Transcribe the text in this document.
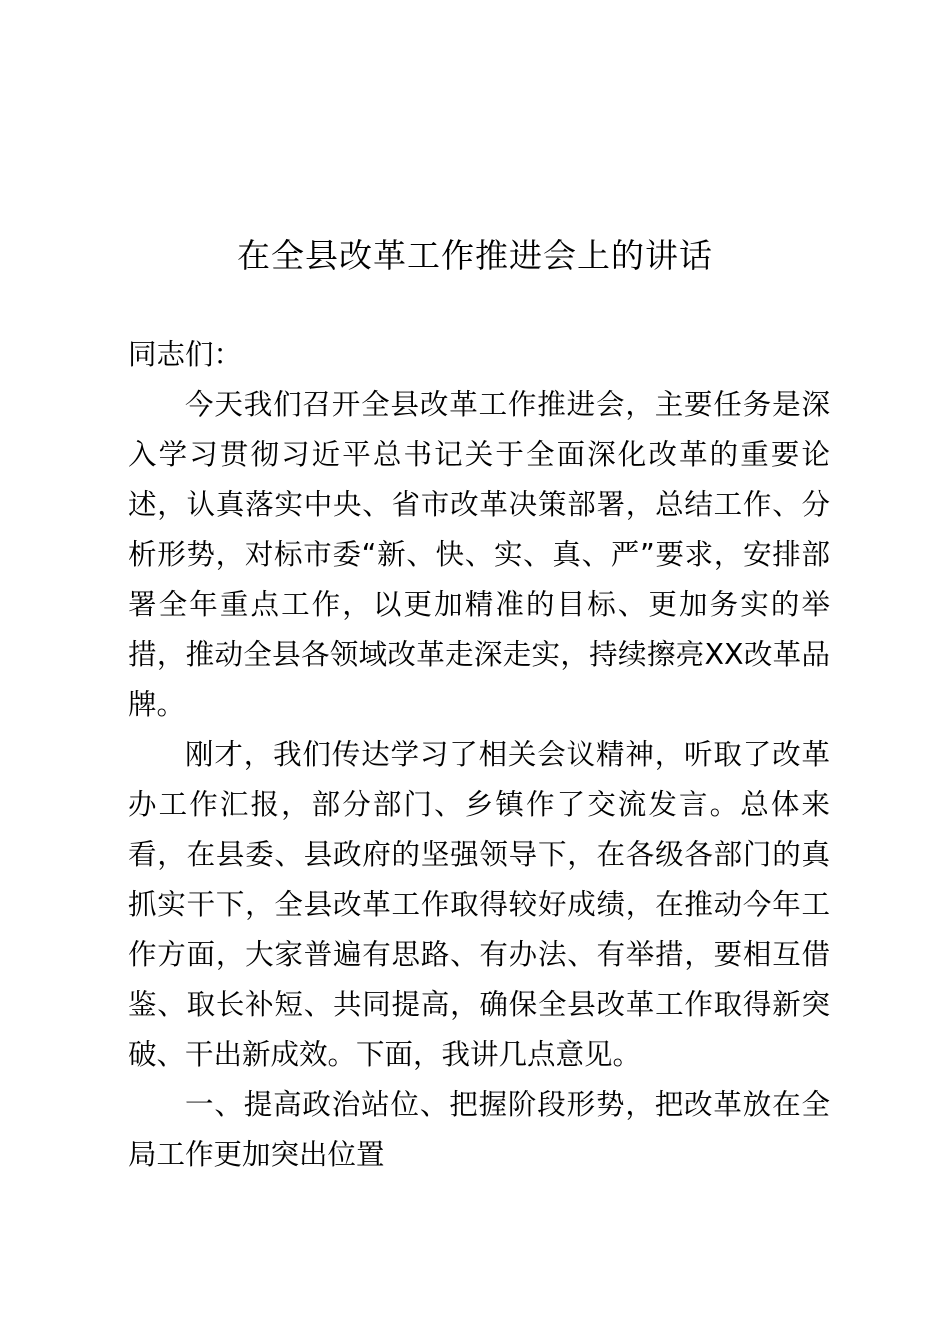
在全县改革工作推进会上的讲话

同志们：

今天我们召开全县改革工作推进会，主要任务是深入学习贯彻习近平总书记关于全面深化改革的重要论述，认真落实中央、省市改革决策部署，总结工作、分析形势，对标市委“新、快、实、真、严”要求，安排部署全年重点工作，以更加精准的目标、更加务实的举措，推动全县各领域改革走深走实，持续擦亮XX改革品牌。

刚才，我们传达学习了相关会议精神，听取了改革办工作汇报，部分部门、乡镇作了交流发言。总体来看，在县委、县政府的坚强领导下，在各级各部门的真抓实干下，全县改革工作取得较好成绩，在推动今年工作方面，大家普遍有思路、有办法、有举措，要相互借鉴、取长补短、共同提高，确保全县改革工作取得新突破、干出新成效。下面，我讲几点意见。

一、提高政治站位、把握阶段形势，把改革放在全局工作更加突出位置
